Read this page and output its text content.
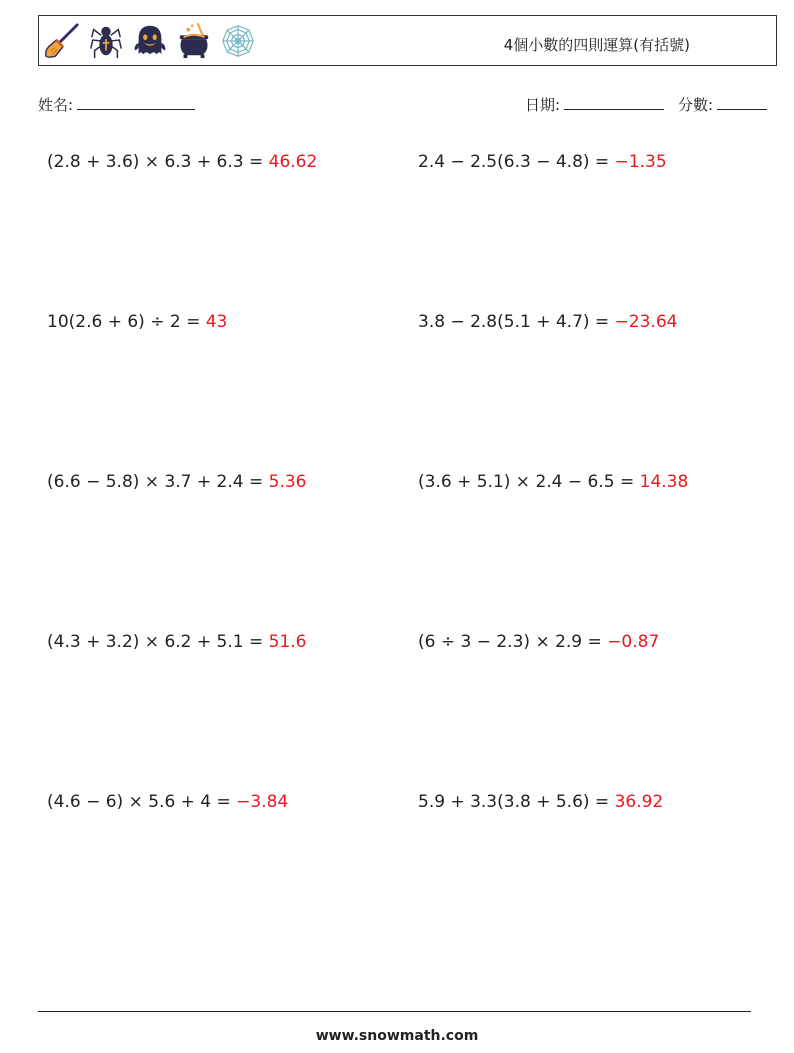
4個小數的四則運算(有括號)
姓名:	日期:	分數:
(2.8 + 3.6) × 6.3 + 6.3 = 46.62	2.4 − 2.5(6.3 − 4.8) = −1.35
10(2.6 + 6) ÷ 2 = 43	3.8 − 2.8(5.1 + 4.7) = −23.64
(6.6 − 5.8) × 3.7 + 2.4 = 5.36	(3.6 + 5.1) × 2.4 − 6.5 = 14.38
(4.3 + 3.2) × 6.2 + 5.1 = 51.6	(6 ÷ 3 − 2.3) × 2.9 = −0.87
(4.6 − 6) × 5.6 + 4 = −3.84	5.9 + 3.3(3.8 + 5.6) = 36.92
www.snowmath.com
